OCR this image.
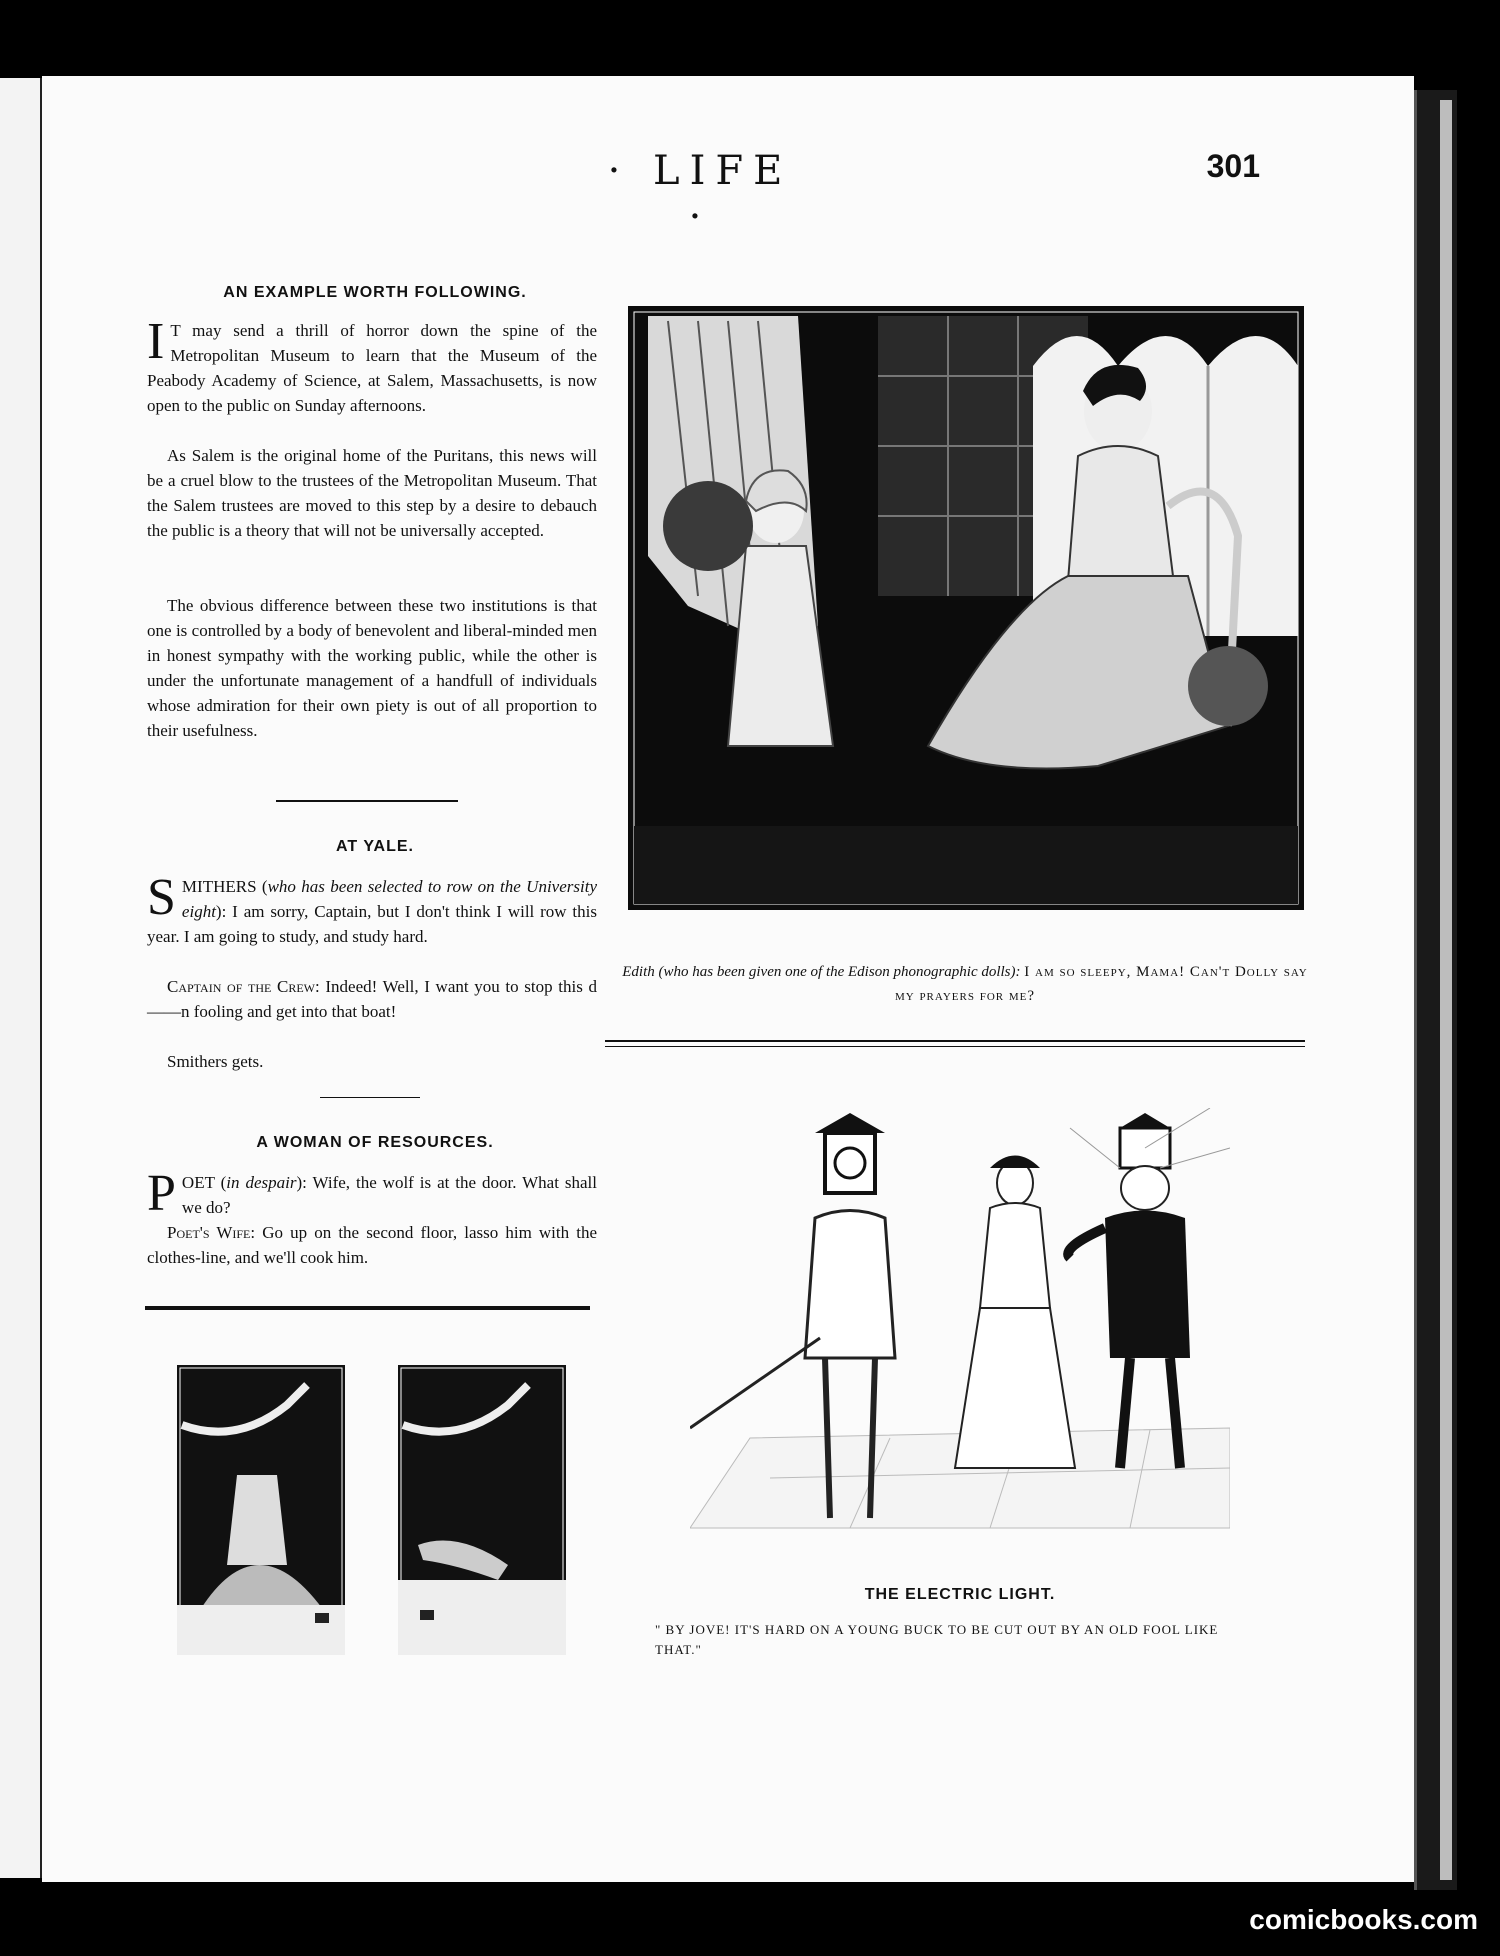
· LIFE ·
301
AN EXAMPLE WORTH FOLLOWING.
I T may send a thrill of horror down the spine of the Metropolitan Museum to learn that the Museum of the Peabody Academy of Science, at Salem, Massachusetts, is now open to the public on Sunday afternoons.
As Salem is the original home of the Puritans, this news will be a cruel blow to the trustees of the Metropolitan Museum. That the Salem trustees are moved to this step by a desire to debauch the public is a theory that will not be universally accepted.
The obvious difference between these two institutions is that one is controlled by a body of benevolent and liberal-minded men in honest sympathy with the working public, while the other is under the unfortunate management of a handfull of individuals whose admiration for their own piety is out of all proportion to their usefulness.
AT YALE.
SMITHERS (who has been selected to row on the University eight): I am sorry, Captain, but I don't think I will row this year. I am going to study, and study hard.
Captain of the Crew: Indeed! Well, I want you to stop this d——n fooling and get into that boat!
Smithers gets.
A WOMAN OF RESOURCES.
POET (in despair): Wife, the wolf is at the door. What shall we do?
Poet's Wife: Go up on the second floor, lasso him with the clothes-line, and we'll cook him.
Edith (who has been given one of the Edison phonographic dolls): I am so sleepy, Mama! Can't Dolly say my prayers for me?
THE ELECTRIC LIGHT.
" BY JOVE! IT'S HARD ON A YOUNG BUCK TO BE CUT OUT BY AN OLD FOOL LIKE THAT."
comicbooks.com
